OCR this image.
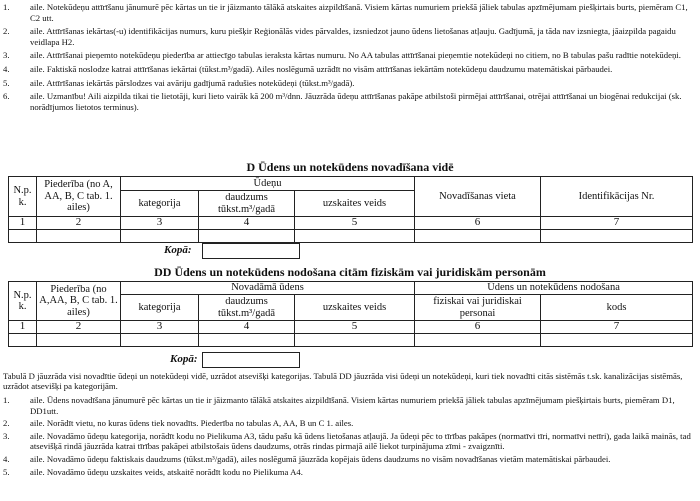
1. aile. Notekūdeņu attīrīšanu jānumurē pēc kārtas un tie ir jāizmanto tālākā atskaites aizpildīšanā. Visiem kārtas numuriem priekšā jāliek tabulas apzīmējumam piešķirtais burts, piemēram C1, C2 utt.
2. aile. Attīrīšanas iekārtas(-u) identifikācijas numurs, kuru piešķir Reģionālās vides pārvaldes, izsniedzot jauno ūdens lietošanas atļauju. Gadījumā, ja tāda nav izsniegta, jāaizpilda pagaidu veidlapa H2.
3. aile. Attīrīšanai pieņemto notekūdeņu piederība ar attiecīgo tabulas ieraksta kārtas numuru. No AA tabulas attīrīšanai pieņemtie notekūdeņi no citiem, no B tabulas pašu radītie notekūdeņi.
4. aile. Faktiskā noslodze katrai attīrīšanas iekārtai (tūkst.m³/gadā). Ailes noslēgumā uzrādīt no visām attīrīšanas iekārtām notekūdeņu daudzumu matemātiskai pārbaudei.
5. aile. Attīrīšanas iekārtās pārslodzes vai avāriju gadījumā radušies notekūdeņi (tūkst.m³/gadā).
6. aile. Uzmanību! Aili aizpilda tikai tie lietotāji, kuri lieto vairāk kā 200 m³/dnn. Jāuzrāda ūdeņu attīrīšanas pakāpe atbilstoši pirmējai attīrīšanai, otrējai attīrīšanai un biogēnai redukcijai (sk. norādījumos lietotos terminus).
D Ūdens un notekūdens novadīšana vidē
N.p. k.	Piederība (no A, AA, B, C tab. 1. ailes)	Ūdeņu			Novadīšanas vieta	Identifikācijas Nr.
		kategorija	daudzums tūkst.m³/gadā	uzskaites veids		
1	2	3	4	5	6	7

Kopā:
DD Ūdens un notekūdens nodošana citām fiziskām vai juridiskām personām
N.p. k.	Piederība (no A,AA, B, C tab. 1. ailes)	Novadāmā ūdens			Ūdens un notekūdens nodošana	
		kategorija	daudzums tūkst.m³/gadā	uzskaites veids	fiziskai vai juridiskai personai	kods
1	2	3	4	5	6	7

Kopā:
Tabulā D jāuzrāda visi novadītie ūdeņi un notekūdeņi vidē, uzrādot atsevišķi kategorijas. Tabulā DD jāuzrāda visi ūdeņi un notekūdeņi, kuri tiek novadīti citās sistēmās t.sk. kanalizācijas sistēmās, uzrādot atsevišķi pa kategorijām.
1. aile. Ūdens novadīšana jānumurē pēc kārtas un tie ir jāizmanto tālākā atskaites aizpildīšanā. Visiem kārtas numuriem priekšā jāliek tabulas apzīmējumam piešķirtais burts, piemēram D1, DD1utt.
2. aile. Norādīt vietu, no kuras ūdens tiek novadīts. Piederība no tabulas A, AA, B un C 1. ailes.
3. aile. Novadāmo ūdeņu kategorija, norādīt kodu no Pielikuma A3, tādu pašu kā ūdens lietošanas atļaujā. Ja ūdeņi pēc to tīrības pakāpes (normatīvi tīri, normatīvi netīri), gada laikā mainās, tad atsevišķā rindā jāuzrāda katrai tīrības pakāpei atbilstošais ūdens daudzums, otrās rindas pirmajā ailē liekot turpinājuma zīmi - zvaigznīti.
4. aile. Novadāmo ūdeņu faktiskais daudzums (tūkst.m³/gadā), ailes noslēgumā jāuzrāda kopējais ūdens daudzums no visām novadīšanas vietām matemātiskai pārbaudei.
5. aile. Novadāmo ūdeņu uzskaites veids, atskaitē norādīt kodu no Pielikuma A4.
